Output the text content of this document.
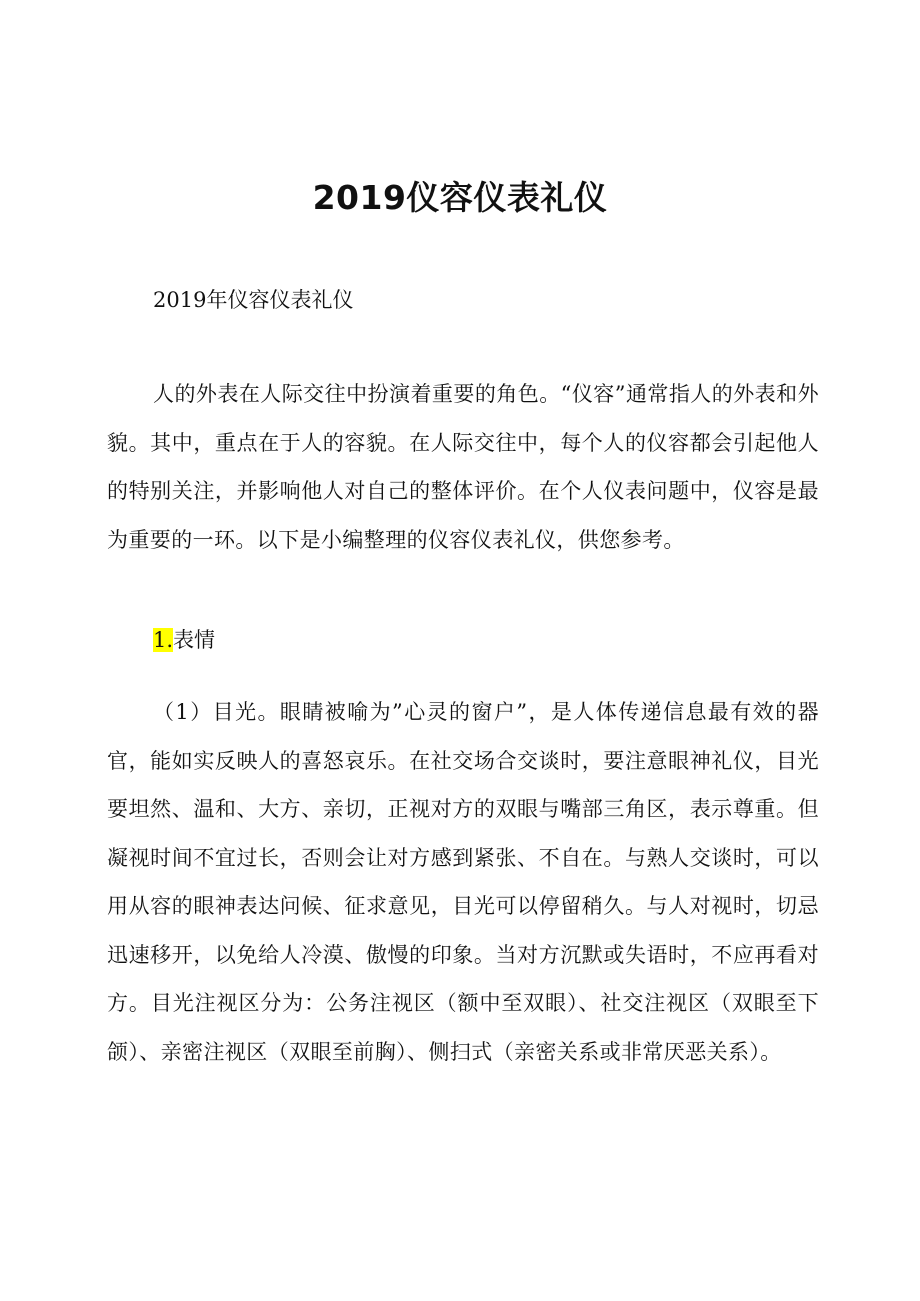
2019仪容仪表礼仪
2019年仪容仪表礼仪

人的外表在人际交往中扮演着重要的角色。“仪容”通常指人的外表和外貌。其中，重点在于人的容貌。在人际交往中，每个人的仪容都会引起他人的特别关注，并影响他人对自己的整体评价。在个人仪表问题中，仪容是最为重要的一环。以下是小编整理的仪容仪表礼仪，供您参考。

1.表情

（1）目光。眼睛被喻为”心灵的窗户”，是人体传递信息最有效的器官，能如实反映人的喜怒哀乐。在社交场合交谈时，要注意眼神礼仪，目光要坦然、温和、大方、亲切，正视对方的双眼与嘴部三角区，表示尊重。但凝视时间不宜过长，否则会让对方感到紧张、不自在。与熟人交谈时，可以用从容的眼神表达问候、征求意见，目光可以停留稍久。与人对视时，切忌迅速移开，以免给人冷漠、傲慢的印象。当对方沉默或失语时，不应再看对方。目光注视区分为：公务注视区（额中至双眼）、社交注视区（双眼至下颌）、亲密注视区（双眼至前胸）、侧扫式（亲密关系或非常厌恶关系）。
